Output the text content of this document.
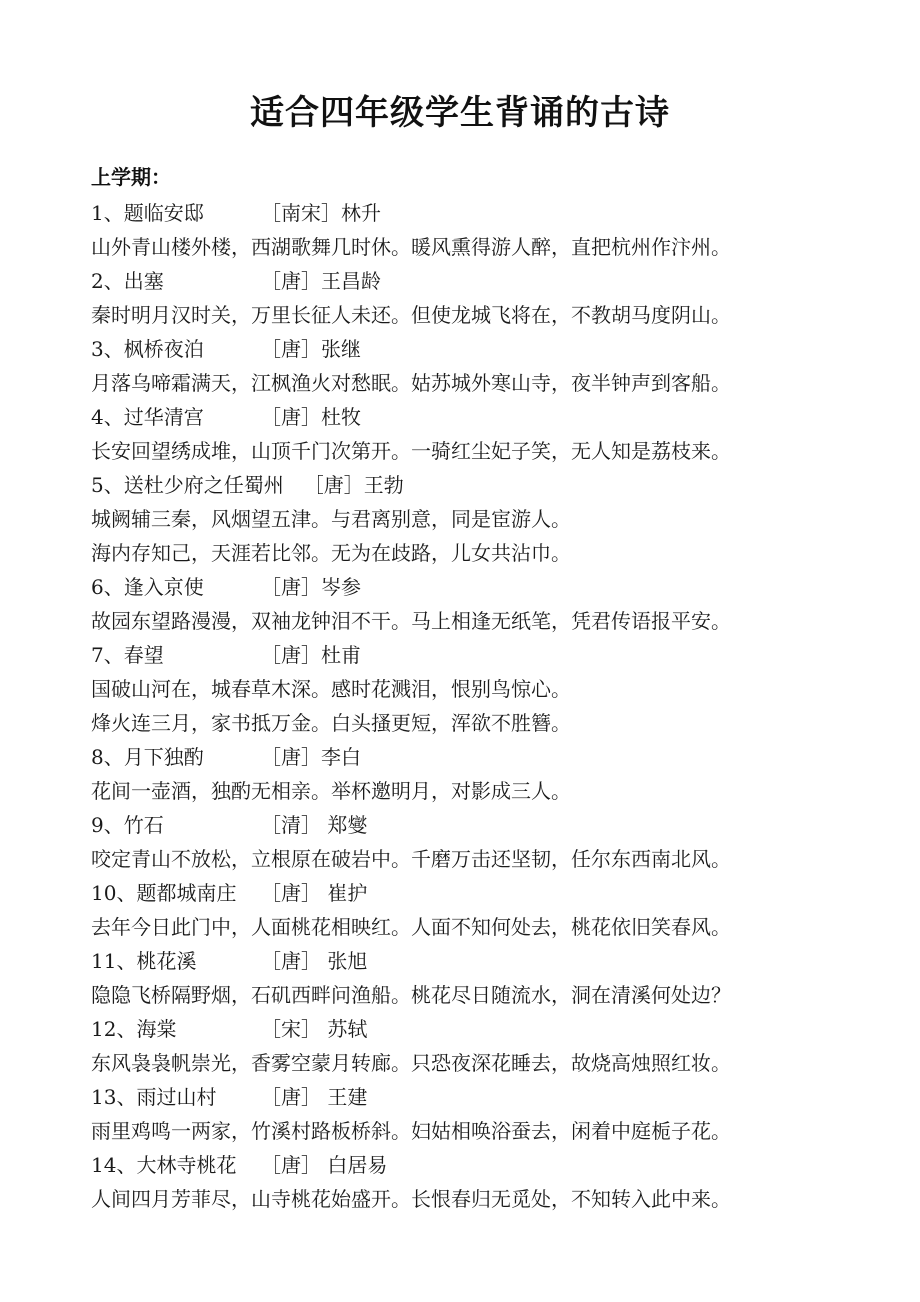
适合四年级学生背诵的古诗
上学期：
1、题临安邸	［南宋］林升
山外青山楼外楼，西湖歌舞几时休。暖风熏得游人醉，直把杭州作汴州。
2、出塞	［唐］王昌龄
秦时明月汉时关，万里长征人未还。但使龙城飞将在，不教胡马度阴山。
3、枫桥夜泊	［唐］张继
月落乌啼霜满天，江枫渔火对愁眠。姑苏城外寒山寺，夜半钟声到客船。
4、过华清宫	［唐］杜牧
长安回望绣成堆，山顶千门次第开。一骑红尘妃子笑，无人知是荔枝来。
5、送杜少府之任蜀州 ［唐］王勃
城阙辅三秦，风烟望五津。与君离别意，同是宦游人。
海内存知己，天涯若比邻。无为在歧路，儿女共沾巾。
6、逢入京使	［唐］岑参
故园东望路漫漫，双袖龙钟泪不干。马上相逢无纸笔，凭君传语报平安。
7、春望	［唐］杜甫
国破山河在，城春草木深。感时花溅泪，恨别鸟惊心。
烽火连三月，家书抵万金。白头搔更短，浑欲不胜簪。
8、月下独酌	［唐］李白
花间一壶酒，独酌无相亲。举杯邀明月，对影成三人。
9、竹石	［清］ 郑燮
咬定青山不放松，立根原在破岩中。千磨万击还坚韧，任尔东西南北风。
10、题都城南庄 ［唐］ 崔护
去年今日此门中，人面桃花相映红。人面不知何处去，桃花依旧笑春风。
11、桃花溪	［唐］ 张旭
隐隐飞桥隔野烟，石矶西畔问渔船。桃花尽日随流水，洞在清溪何处边？
12、海棠	［宋］ 苏轼
东风袅袅帆崇光，香雾空蒙月转廊。只恐夜深花睡去，故烧高烛照红妆。
13、雨过山村 ［唐］ 王建
雨里鸡鸣一两家，竹溪村路板桥斜。妇姑相唤浴蚕去，闲着中庭栀子花。
14、大林寺桃花 ［唐］ 白居易
人间四月芳菲尽，山寺桃花始盛开。长恨春归无觅处，不知转入此中来。
